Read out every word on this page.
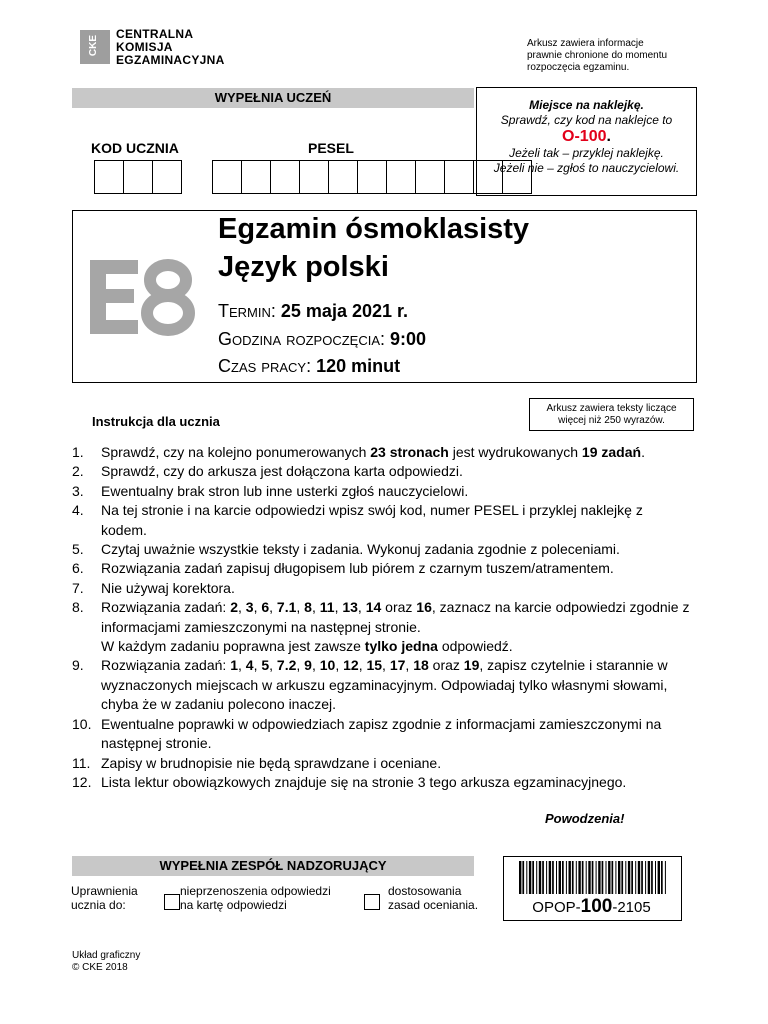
CKE
CENTRALNA
KOMISJA
EGZAMINACYJNA
Arkusz zawiera informacje
prawnie chronione do momentu
rozpoczęcia egzaminu.
WYPEŁNIA UCZEŃ
KOD UCZNIA	PESEL
Miejsce na naklejkę.
Sprawdź, czy kod na naklejce to
O-100.
Jeżeli tak – przyklej naklejkę.
Jeżeli nie – zgłoś to nauczycielowi.
Egzamin ósmoklasisty
Język polski
Termin: 25 maja 2021 r.
Godzina rozpoczęcia: 9:00
Czas pracy: 120 minut
Instrukcja dla ucznia
Arkusz zawiera teksty liczące
więcej niż 250 wyrazów.
1.	Sprawdź, czy na kolejno ponumerowanych 23 stronach jest wydrukowanych 19 zadań.
2.	Sprawdź, czy do arkusza jest dołączona karta odpowiedzi.
3.	Ewentualny brak stron lub inne usterki zgłoś nauczycielowi.
4.	Na tej stronie i na karcie odpowiedzi wpisz swój kod, numer PESEL i przyklej naklejkę z kodem.
5.	Czytaj uważnie wszystkie teksty i zadania. Wykonuj zadania zgodnie z poleceniami.
6.	Rozwiązania zadań zapisuj długopisem lub piórem z czarnym tuszem/atramentem.
7.	Nie używaj korektora.
8.	Rozwiązania zadań: 2, 3, 6, 7.1, 8, 11, 13, 14 oraz 16, zaznacz na karcie odpowiedzi zgodnie z informacjami zamieszczonymi na następnej stronie.
W każdym zadaniu poprawna jest zawsze tylko jedna odpowiedź.
9.	Rozwiązania zadań: 1, 4, 5, 7.2, 9, 10, 12, 15, 17, 18 oraz 19, zapisz czytelnie i starannie w wyznaczonych miejscach w arkuszu egzaminacyjnym. Odpowiadaj tylko własnymi słowami, chyba że w zadaniu polecono inaczej.
10. Ewentualne poprawki w odpowiedziach zapisz zgodnie z informacjami zamieszczonymi na następnej stronie.
11. Zapisy w brudnopisie nie będą sprawdzane i oceniane.
12. Lista lektur obowiązkowych znajduje się na stronie 3 tego arkusza egzaminacyjnego.
Powodzenia!
WYPEŁNIA ZESPÓŁ NADZORUJĄCY
Uprawnienia
ucznia do:
nieprzenoszenia odpowiedzi
na kartę odpowiedzi
dostosowania
zasad oceniania.	OPOP-100-2105
Układ graficzny
© CKE 2018
